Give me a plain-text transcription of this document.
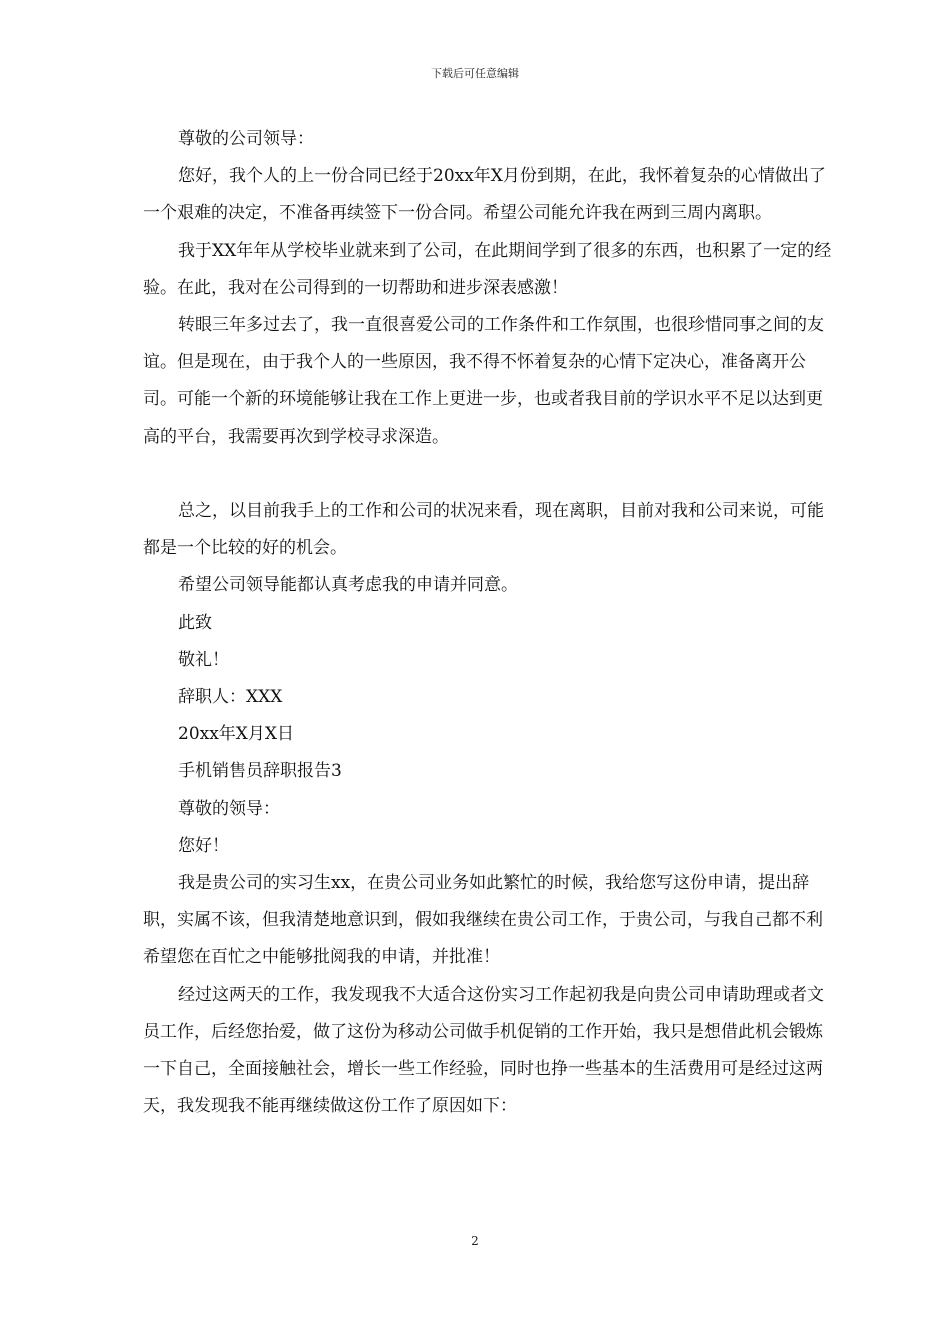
下载后可任意编辑

尊敬的公司领导：

您好，我个人的上一份合同已经于20xx年X月份到期，在此，我怀着复杂的心情做出了一个艰难的决定，不准备再续签下一份合同。希望公司能允许我在两到三周内离职。

我于XX年年从学校毕业就来到了公司，在此期间学到了很多的东西，也积累了一定的经验。在此，我对在公司得到的一切帮助和进步深表感激！

转眼三年多过去了，我一直很喜爱公司的工作条件和工作氛围，也很珍惜同事之间的友谊。但是现在，由于我个人的一些原因，我不得不怀着复杂的心情下定决心，准备离开公司。可能一个新的环境能够让我在工作上更进一步，也或者我目前的学识水平不足以达到更高的平台，我需要再次到学校寻求深造。

总之，以目前我手上的工作和公司的状况来看，现在离职，目前对我和公司来说，可能都是一个比较的好的机会。

希望公司领导能都认真考虑我的申请并同意。

此致

敬礼！

辞职人：XXX

20xx年X月X日

手机销售员辞职报告3

尊敬的领导：

您好！

我是贵公司的实习生xx，在贵公司业务如此繁忙的时候，我给您写这份申请，提出辞职，实属不该，但我清楚地意识到，假如我继续在贵公司工作，于贵公司，与我自己都不利希望您在百忙之中能够批阅我的申请，并批准！

经过这两天的工作，我发现我不大适合这份实习工作起初我是向贵公司申请助理或者文员工作，后经您抬爱，做了这份为移动公司做手机促销的工作开始，我只是想借此机会锻炼一下自己，全面接触社会，增长一些工作经验，同时也挣一些基本的生活费用可是经过这两天，我发现我不能再继续做这份工作了原因如下：

2
